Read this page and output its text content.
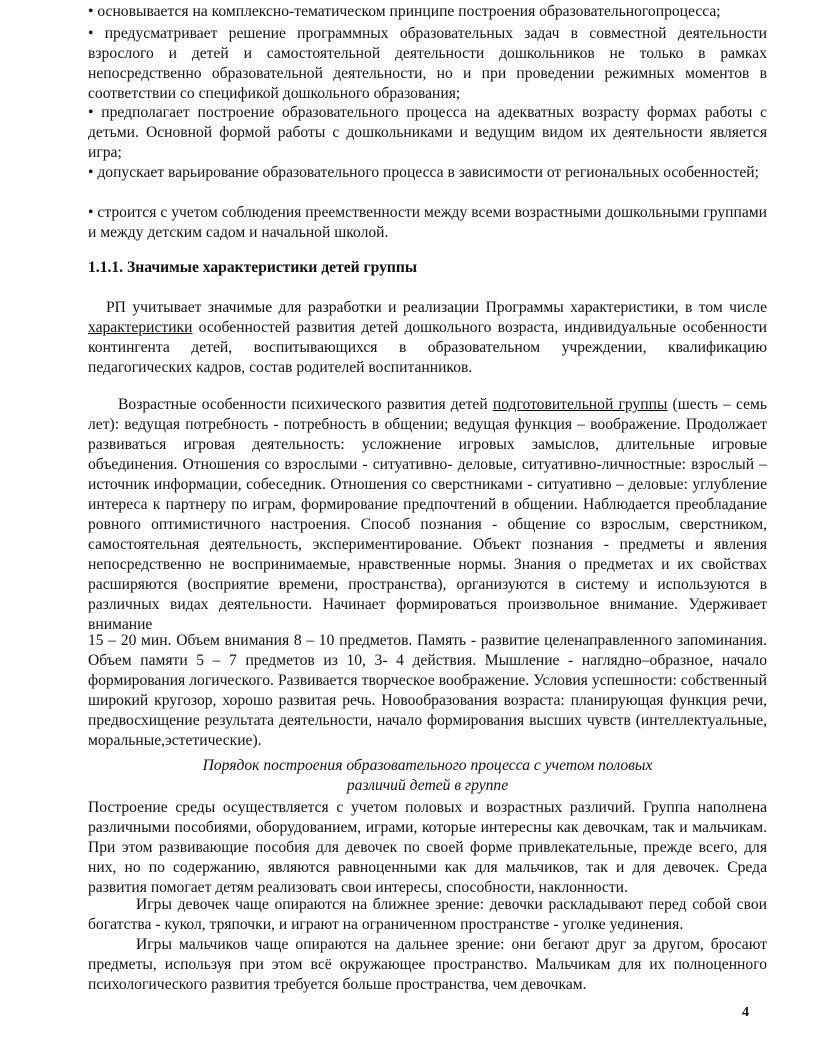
• основывается на комплексно-тематическом принципе построения образовательногопроцесса;

• предусматривает решение программных образовательных задач в совместной деятельности взрослого и детей и самостоятельной деятельности дошкольников не только в рамках непосредственно образовательной деятельности, но и при проведении режимных моментов в соответствии со спецификой дошкольного образования;

• предполагает построение образовательного процесса на адекватных возрасту формах работы с детьми. Основной формой работы с дошкольниками и ведущим видом их деятельности является игра;

• допускает варьирование образовательного процесса в зависимости от региональных особенностей;

• строится с учетом соблюдения преемственности между всеми возрастными дошкольными группами и между детским садом и начальной школой.

1.1.1. Значимые характеристики детей группы

РП учитывает значимые для разработки и реализации Программы характеристики, в том числе характеристики особенностей развития детей дошкольного возраста, индивидуальные особенности контингента детей, воспитывающихся в образовательном учреждении, квалификацию педагогических кадров, состав родителей воспитанников.

Возрастные особенности психического развития детей подготовительной группы (шесть – семь лет): ведущая потребность - потребность в общении; ведущая функция – воображение. Продолжает развиваться игровая деятельность: усложнение игровых замыслов, длительные игровые объединения. Отношения со взрослыми - ситуативно- деловые, ситуативно-личностные: взрослый – источник информации, собеседник. Отношения со сверстниками - ситуативно – деловые: углубление интереса к партнеру по играм, формирование предпочтений в общении. Наблюдается преобладание ровного оптимистичного настроения. Способ познания - общение со взрослым, сверстником, самостоятельная деятельность, экспериментирование. Объект познания - предметы и явления непосредственно не воспринимаемые, нравственные нормы. Знания о предметах и их свойствах расширяются (восприятие времени, пространства), организуются в систему и используются в различных видах деятельности. Начинает формироваться произвольное внимание. Удерживает внимание

15 – 20 мин. Объем внимания 8 – 10 предметов. Память - развитие целенаправленного запоминания. Объем памяти 5 – 7 предметов из 10, 3- 4 действия. Мышление - наглядно–образное, начало формирования логического. Развивается творческое воображение. Условия успешности: собственный широкий кругозор, хорошо развитая речь. Новообразования возраста: планирующая функция речи, предвосхищение результата деятельности, начало формирования высших чувств (интеллектуальные, моральные,эстетические).

Порядок построения образовательного процесса с учетом половых

различий детей в группе

Построение среды осуществляется с учетом половых и возрастных различий. Группа наполнена различными пособиями, оборудованием, играми, которые интересны как девочкам, так и мальчикам. При этом развивающие пособия для девочек по своей форме привлекательные, прежде всего, для них, но по содержанию, являются равноценными как для мальчиков, так и для девочек. Среда развития помогает детям реализовать свои интересы, способности, наклонности.

Игры девочек чаще опираются на ближнее зрение: девочки раскладывают перед собой свои богатства - кукол, тряпочки, и играют на ограниченном пространстве - уголке уединения.

Игры мальчиков чаще опираются на дальнее зрение: они бегают друг за другом, бросают предметы, используя при этом всё окружающее пространство. Мальчикам для их полноценного психологического развития требуется больше пространства, чем девочкам.

4
